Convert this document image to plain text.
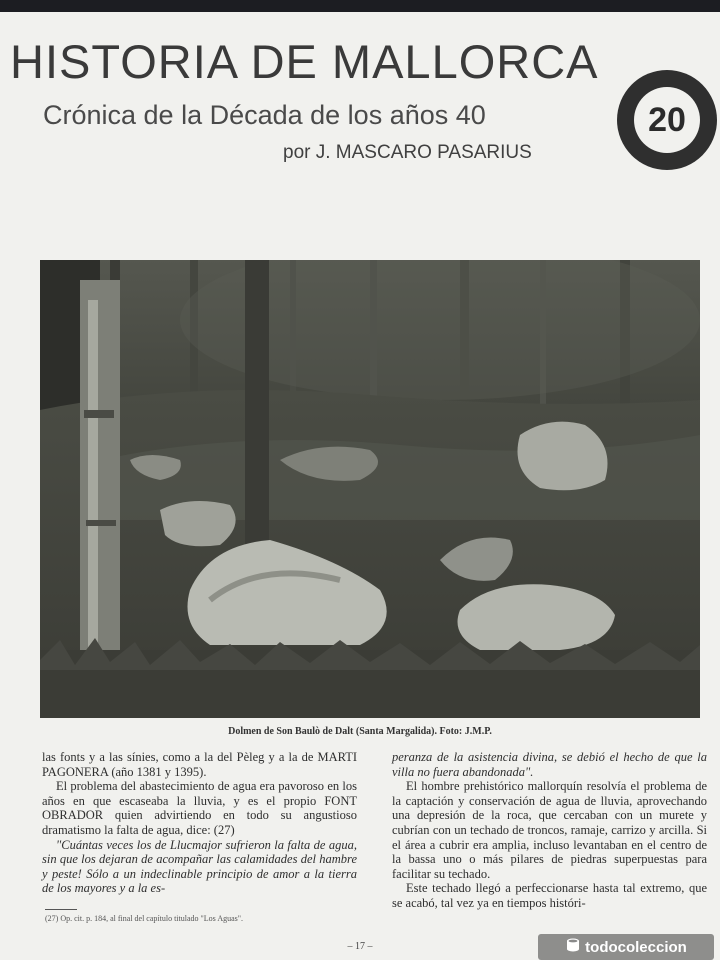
HISTORIA DE MALLORCA
Crónica de la Década de los años 40
por J. MASCARO PASARIUS
20
Dolmen de Son Baulò de Dalt (Santa Margalida). Foto: J.M.P.

las fonts y a las sínies, como a la del Pèleg y a la de MARTI PAGONERA (año 1381 y 1395).

El problema del abastecimiento de agua era pavoroso en los años en que escaseaba la lluvia, y es el propio FONT OBRADOR quien advirtiendo en todo su angustioso dramatismo la falta de agua, dice: (27)

"Cuántas veces los de Llucmajor sufrieron la falta de agua, sin que los dejaran de acompañar las calamidades del hambre y peste! Sólo a un indeclinable principio de amor a la tierra de los mayores y a la es-

peranza de la asistencia divina, se debió el hecho de que la villa no fuera abandonada".

El hombre prehistórico mallorquín resolvía el problema de la captación y conservación de agua de lluvia, aprovechando una depresión de la roca, que cercaban con un murete y cubrían con un techado de troncos, ramaje, carrizo y arcilla. Si el área a cubrir era amplia, incluso levantaban en el centro de la bassa uno o más pilares de piedras superpuestas para facilitar su techado.

Este techado llegó a perfeccionarse hasta tal extremo, que se acabó, tal vez ya en tiempos históri-

(27) Op. cit. p. 184, al final del capítulo titulado "Los Aguas".
– 17 –	todocoleccion
